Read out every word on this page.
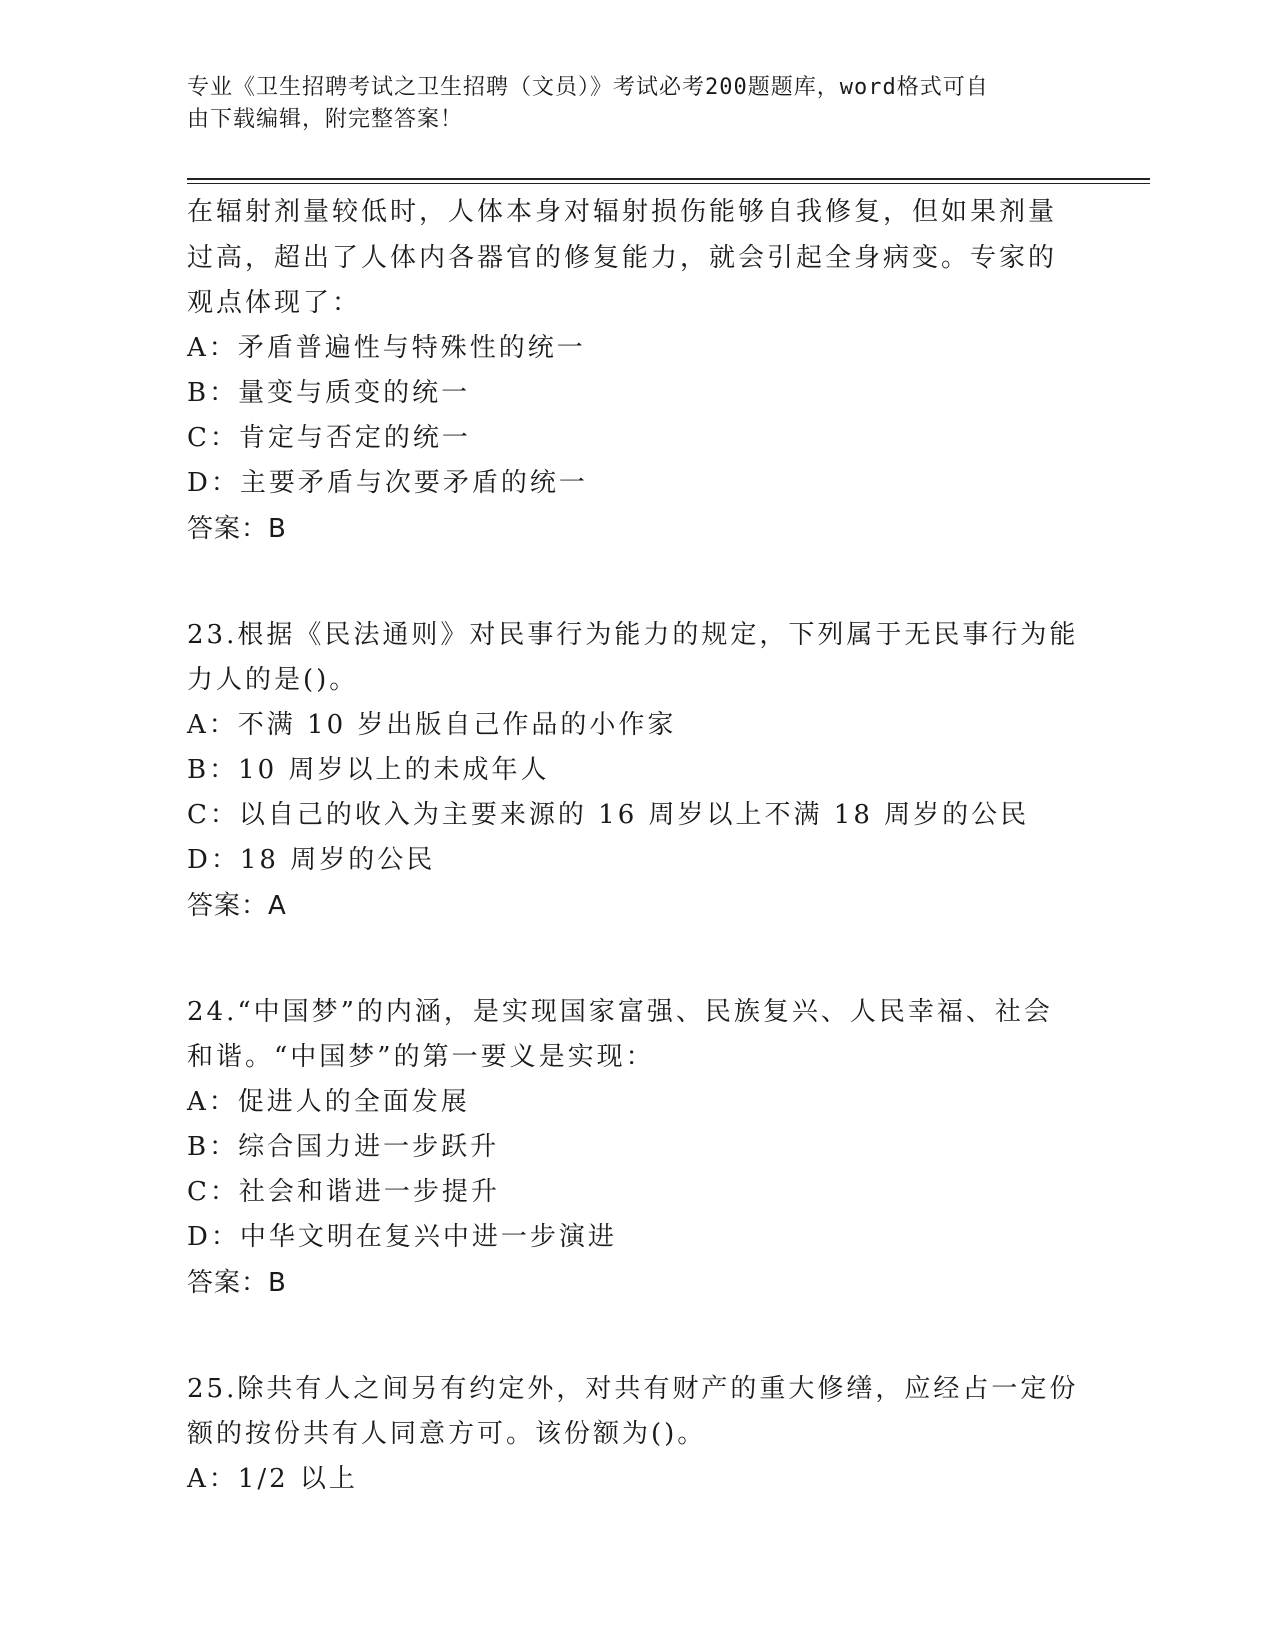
专业《卫生招聘考试之卫生招聘（文员）》考试必考200题题库，word格式可自
由下载编辑，附完整答案！
在辐射剂量较低时，人体本身对辐射损伤能够自我修复，但如果剂量
过高，超出了人体内各器官的修复能力，就会引起全身病变。专家的
观点体现了：
A：矛盾普遍性与特殊性的统一
B：量变与质变的统一
C：肯定与否定的统一
D：主要矛盾与次要矛盾的统一
答案：B
23.根据《民法通则》对民事行为能力的规定，下列属于无民事行为能
力人的是()。
A：不满 10 岁出版自己作品的小作家
B：10 周岁以上的未成年人
C：以自己的收入为主要来源的 16 周岁以上不满 18 周岁的公民
D：18 周岁的公民
答案：A
24.“中国梦”的内涵，是实现国家富强、民族复兴、人民幸福、社会
和谐。“中国梦”的第一要义是实现：
A：促进人的全面发展
B：综合国力进一步跃升
C：社会和谐进一步提升
D：中华文明在复兴中进一步演进
答案：B
25.除共有人之间另有约定外，对共有财产的重大修缮，应经占一定份
额的按份共有人同意方可。该份额为()。
A：1/2 以上
